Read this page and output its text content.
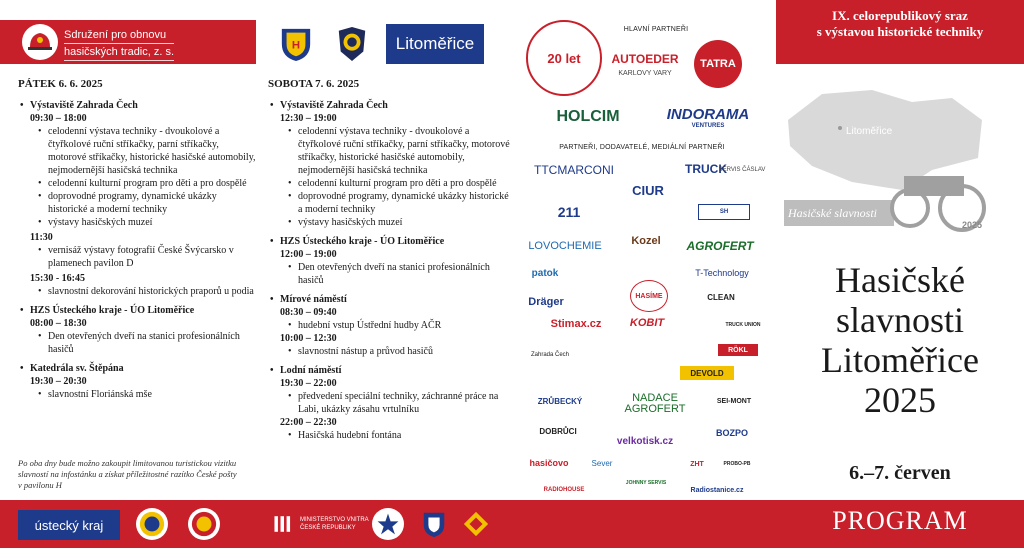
Sdružení pro obnovu
hasičských tradic, z. s.
H	Litoměřice
IX. celorepublikový sraz
s výstavou historické techniky
PÁTEK 6. 6. 2025
• Výstaviště Zahrada Čech
09:30 – 18:00
• celodenní výstava techniky - dvoukolové a čtyřkolové ruční stříkačky, parní stříkačky, motorové stříkačky, historické hasičské automobily, nejmodernější hasičská technika
• celodenní kulturní program pro děti a pro dospělé
• doprovodné programy, dynamické ukázky historické a moderní techniky
• výstavy hasičských muzeí
11:30
• vernisáž výstavy fotografií České Švýcarsko v plamenech pavilon D
15:30 - 16:45
• slavnostní dekorování historických praporů u podia
• HZS Ústeckého kraje - ÚO Litoměřice
08:00 – 18:30
• Den otevřených dveří na stanici profesionálních hasičů
• Katedrála sv. Štěpána
19:30 – 20:30
• slavnostní Floriánská mše
Po oba dny bude možno zakoupit limitovanou turistickou vizitku slavností na infostánku a získat příležitostné razítko České pošty v pavilonu H
SOBOTA 7. 6. 2025
• Výstaviště Zahrada Čech
12:30 – 19:00
• celodenní výstava techniky - dvoukolové a čtyřkolové ruční stříkačky, parní stříkačky, motorové stříkačky, historické hasičské automobily, nejmodernější hasičská technika
• celodenní kulturní program pro děti a pro dospělé
• doprovodné programy, dynamické ukázky historické a moderní techniky
• výstavy hasičských muzeí
• HZS Ústeckého kraje - ÚO Litoměřice
12:00 – 19:00
• Den otevřených dveří na stanici profesionálních hasičů
• Mírové náměstí
08:30 – 09:40
• hudební vstup Ústřední hudby AČR
10:00 – 12:30
• slavnostní nástup a průvod hasičů
• Lodní náměstí
19:30 – 22:00
• předvedení speciální techniky, záchranné práce na Labi, ukázky zásahu vrtulníku
22:00 – 22:30
• Hasičská hudební fontána
20 let
HLAVNÍ PARTNEŘI
AUTOEDER
KARLOVY VARY
TATRA
HOLCIM	INDORAMA
VENTURES
PARTNEŘI, DODAVATELÉ, MEDIÁLNÍ PARTNEŘI
TTCMARCONI	TRUCK
SERVIS ČÁSLAV
CIUR
211	SH
LOVOCHEMIE	Kozel	AGROFERT
patok	T-Technology
HASÍME
Dräger	CLEAN
Stimax.cz	KOBIT	TRUCK UNION
Zahrada Čech
RÖKL
DEVOLD
ZRŮBECKÝ	NADACE
AGROFERT
SEI-MONT
DOBRŮCI
velkotisk.cz
BOZPO
hasičovo	Sever	ZHT	PROBO-PB
RADIOHOUSE
JOHNNY SERVIS
Radiostanice.cz
Litoměřice
Hasičské slavnosti
2025
Hasičské
slavnosti
Litoměřice
2025
6.–7. červen
PROGRAM
ústecký kraj	MINISTERSTVO VNITRA
ČESKÉ REPUBLIKY
